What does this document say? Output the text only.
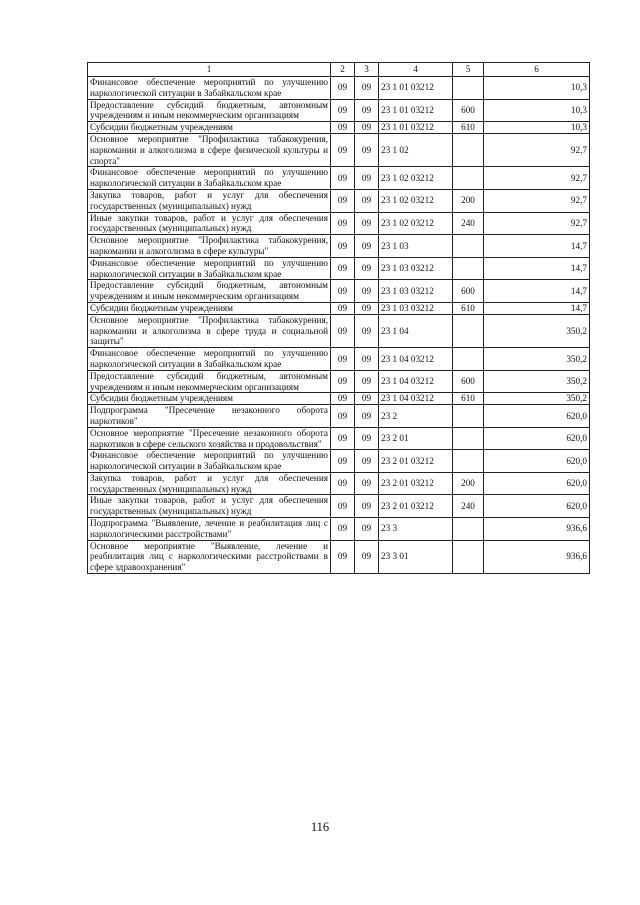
1	2	3	4	5	6
Финансовое обеспечение мероприятий по улучшению наркологической ситуации в Забайкальском крае	09	09	23 1 01 03212		10,3
Предоставление субсидий бюджетным, автономным учреждениям и иным некоммерческим организациям	09	09	23 1 01 03212	600	10,3
Субсидии бюджетным учреждениям	09	09	23 1 01 03212	610	10,3
Основное мероприятие "Профилактика табакокурения, наркомании и алкоголизма в сфере физической культуры и спорта"	09	09	23 1 02		92,7
Финансовое обеспечение мероприятий по улучшению наркологической ситуации в Забайкальском крае	09	09	23 1 02 03212		92,7
Закупка товаров, работ и услуг для обеспечения государственных (муниципальных) нужд	09	09	23 1 02 03212	200	92,7
Иные закупки товаров, работ и услуг для обеспечения государственных (муниципальных) нужд	09	09	23 1 02 03212	240	92,7
Основное мероприятие "Профилактика табакокурения, наркомании и алкоголизма в сфере культуры"	09	09	23 1 03		14,7
Финансовое обеспечение мероприятий по улучшению наркологической ситуации в Забайкальском крае	09	09	23 1 03 03212		14,7
Предоставление субсидий бюджетным, автономным учреждениям и иным некоммерческим организациям	09	09	23 1 03 03212	600	14,7
Субсидии бюджетным учреждениям	09	09	23 1 03 03212	610	14,7
Основное мероприятие "Профилактика табакокурения, наркомании и алкоголизма в сфере труда и социальной защиты"	09	09	23 1 04		350,2
Финансовое обеспечение мероприятий по улучшению наркологической ситуации в Забайкальском крае	09	09	23 1 04 03212		350,2
Предоставление субсидий бюджетным, автономным учреждениям и иным некоммерческим организациям	09	09	23 1 04 03212	600	350,2
Субсидии бюджетным учреждениям	09	09	23 1 04 03212	610	350,2
Подпрограмма "Пресечение незаконного оборота наркотиков"	09	09	23 2		620,0
Основное мероприятие "Пресечение незаконного оборота наркотиков в сфере сельского хозяйства и продовольствия"	09	09	23 2 01		620,0
Финансовое обеспечение мероприятий по улучшению наркологической ситуации в Забайкальском крае	09	09	23 2 01 03212		620,0
Закупка товаров, работ и услуг для обеспечения государственных (муниципальных) нужд	09	09	23 2 01 03212	200	620,0
Иные закупки товаров, работ и услуг для обеспечения государственных (муниципальных) нужд	09	09	23 2 01 03212	240	620,0
Подпрограмма "Выявление, лечение и реабилитация лиц с наркологическими расстройствами"	09	09	23 3		936,6
Основное мероприятие "Выявление, лечение и реабилитация лиц с наркологическими расстройствами в сфере здравоохранения"	09	09	23 3 01		936,6
116
